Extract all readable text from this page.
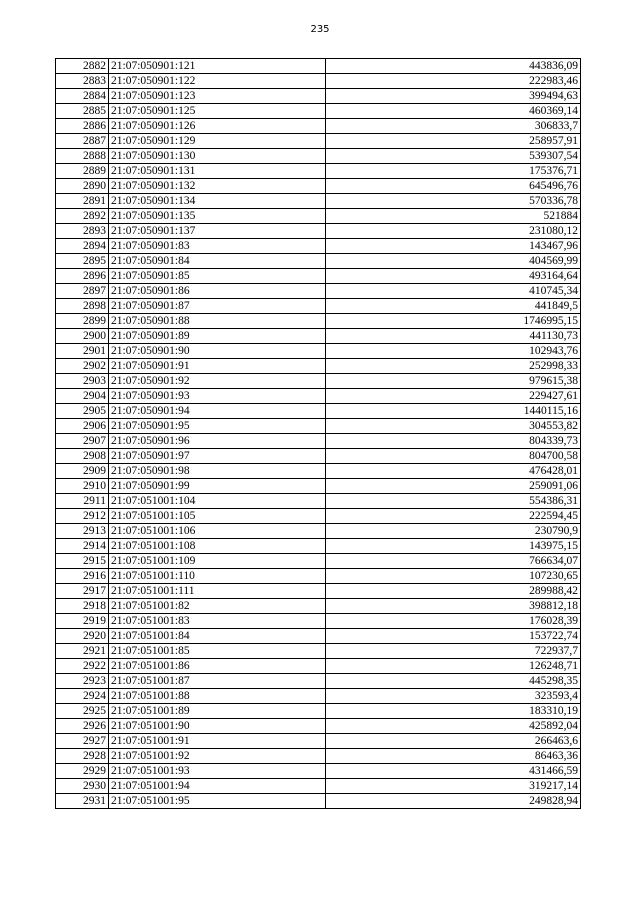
235
2882	21:07:050901:121	443836,09
2883	21:07:050901:122	222983,46
2884	21:07:050901:123	399494,63
2885	21:07:050901:125	460369,14
2886	21:07:050901:126	306833,7
2887	21:07:050901:129	258957,91
2888	21:07:050901:130	539307,54
2889	21:07:050901:131	175376,71
2890	21:07:050901:132	645496,76
2891	21:07:050901:134	570336,78
2892	21:07:050901:135	521884
2893	21:07:050901:137	231080,12
2894	21:07:050901:83	143467,96
2895	21:07:050901:84	404569,99
2896	21:07:050901:85	493164,64
2897	21:07:050901:86	410745,34
2898	21:07:050901:87	441849,5
2899	21:07:050901:88	1746995,15
2900	21:07:050901:89	441130,73
2901	21:07:050901:90	102943,76
2902	21:07:050901:91	252998,33
2903	21:07:050901:92	979615,38
2904	21:07:050901:93	229427,61
2905	21:07:050901:94	1440115,16
2906	21:07:050901:95	304553,82
2907	21:07:050901:96	804339,73
2908	21:07:050901:97	804700,58
2909	21:07:050901:98	476428,01
2910	21:07:050901:99	259091,06
2911	21:07:051001:104	554386,31
2912	21:07:051001:105	222594,45
2913	21:07:051001:106	230790,9
2914	21:07:051001:108	143975,15
2915	21:07:051001:109	766634,07
2916	21:07:051001:110	107230,65
2917	21:07:051001:111	289988,42
2918	21:07:051001:82	398812,18
2919	21:07:051001:83	176028,39
2920	21:07:051001:84	153722,74
2921	21:07:051001:85	722937,7
2922	21:07:051001:86	126248,71
2923	21:07:051001:87	445298,35
2924	21:07:051001:88	323593,4
2925	21:07:051001:89	183310,19
2926	21:07:051001:90	425892,04
2927	21:07:051001:91	266463,6
2928	21:07:051001:92	86463,36
2929	21:07:051001:93	431466,59
2930	21:07:051001:94	319217,14
2931	21:07:051001:95	249828,94
